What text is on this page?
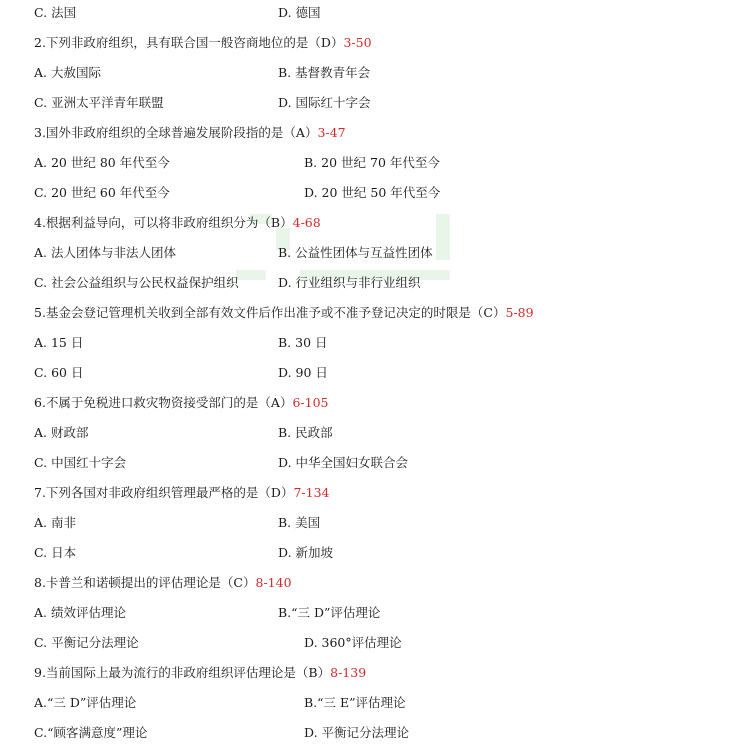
C. 法国	D. 德国
2.下列非政府组织，具有联合国一般咨商地位的是（D）3-50
A. 大赦国际	B. 基督教青年会
C. 亚洲太平洋青年联盟	D. 国际红十字会
3.国外非政府组织的全球普遍发展阶段指的是（A）3-47
A. 20 世纪 80 年代至今	B. 20 世纪 70 年代至今
C. 20 世纪 60 年代至今	D. 20 世纪 50 年代至今
4.根据利益导向，可以将非政府组织分为（B）4-68
A. 法人团体与非法人团体	B. 公益性团体与互益性团体
C. 社会公益组织与公民权益保护组织	D. 行业组织与非行业组织
5.基金会登记管理机关收到全部有效文件后作出准予或不准予登记决定的时限是（C）5-89
A. 15 日	B. 30 日
C. 60 日	D. 90 日
6.不属于免税进口救灾物资接受部门的是（A）6-105
A. 财政部	B. 民政部
C. 中国红十字会	D. 中华全国妇女联合会
7.下列各国对非政府组织管理最严格的是（D）7-134
A. 南非	B. 美国
C. 日本	D. 新加坡
8.卡普兰和诺顿提出的评估理论是（C）8-140
A. 绩效评估理论	B.“三 D”评估理论
C. 平衡记分法理论	D. 360°评估理论
9.当前国际上最为流行的非政府组织评估理论是（B）8-139
A.“三 D”评估理论	B.“三 E”评估理论
C.“顾客满意度”理论	D. 平衡记分法理论
